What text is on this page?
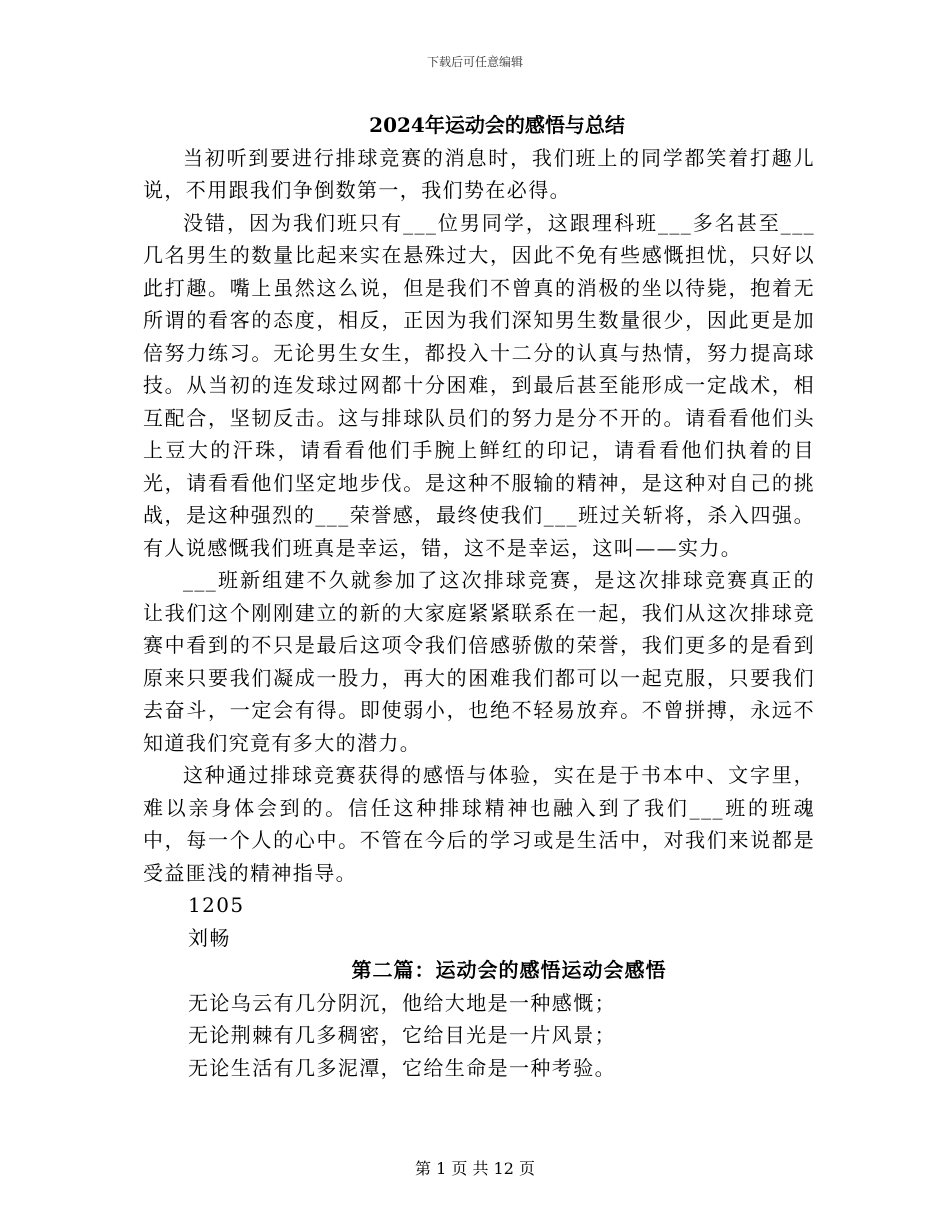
下载后可任意编辑

2024年运动会的感悟与总结

当初听到要进行排球竞赛的消息时，我们班上的同学都笑着打趣儿说，不用跟我们争倒数第一，我们势在必得。

没错，因为我们班只有___位男同学，这跟理科班___多名甚至___几名男生的数量比起来实在悬殊过大，因此不免有些感慨担忧，只好以此打趣。嘴上虽然这么说，但是我们不曾真的消极的坐以待毙，抱着无所谓的看客的态度，相反，正因为我们深知男生数量很少，因此更是加倍努力练习。无论男生女生，都投入十二分的认真与热情，努力提高球技。从当初的连发球过网都十分困难，到最后甚至能形成一定战术，相互配合，坚韧反击。这与排球队员们的努力是分不开的。请看看他们头上豆大的汗珠，请看看他们手腕上鲜红的印记，请看看他们执着的目光，请看看他们坚定地步伐。是这种不服输的精神，是这种对自己的挑战，是这种强烈的___荣誉感，最终使我们___班过关斩将，杀入四强。有人说感慨我们班真是幸运，错，这不是幸运，这叫——实力。

___班新组建不久就参加了这次排球竞赛，是这次排球竞赛真正的让我们这个刚刚建立的新的大家庭紧紧联系在一起，我们从这次排球竞赛中看到的不只是最后这项令我们倍感骄傲的荣誉，我们更多的是看到原来只要我们凝成一股力，再大的困难我们都可以一起克服，只要我们去奋斗，一定会有得。即使弱小，也绝不轻易放弃。不曾拼搏，永远不知道我们究竟有多大的潜力。

这种通过排球竞赛获得的感悟与体验，实在是于书本中、文字里，难以亲身体会到的。信任这种排球精神也融入到了我们___班的班魂中，每一个人的心中。不管在今后的学习或是生活中，对我们来说都是受益匪浅的精神指导。

1205

刘畅

第二篇：运动会的感悟运动会感悟

无论乌云有几分阴沉，他给大地是一种感慨；

无论荆棘有几多稠密，它给目光是一片风景；

无论生活有几多泥潭，它给生命是一种考验。

第 1 页 共 12 页
